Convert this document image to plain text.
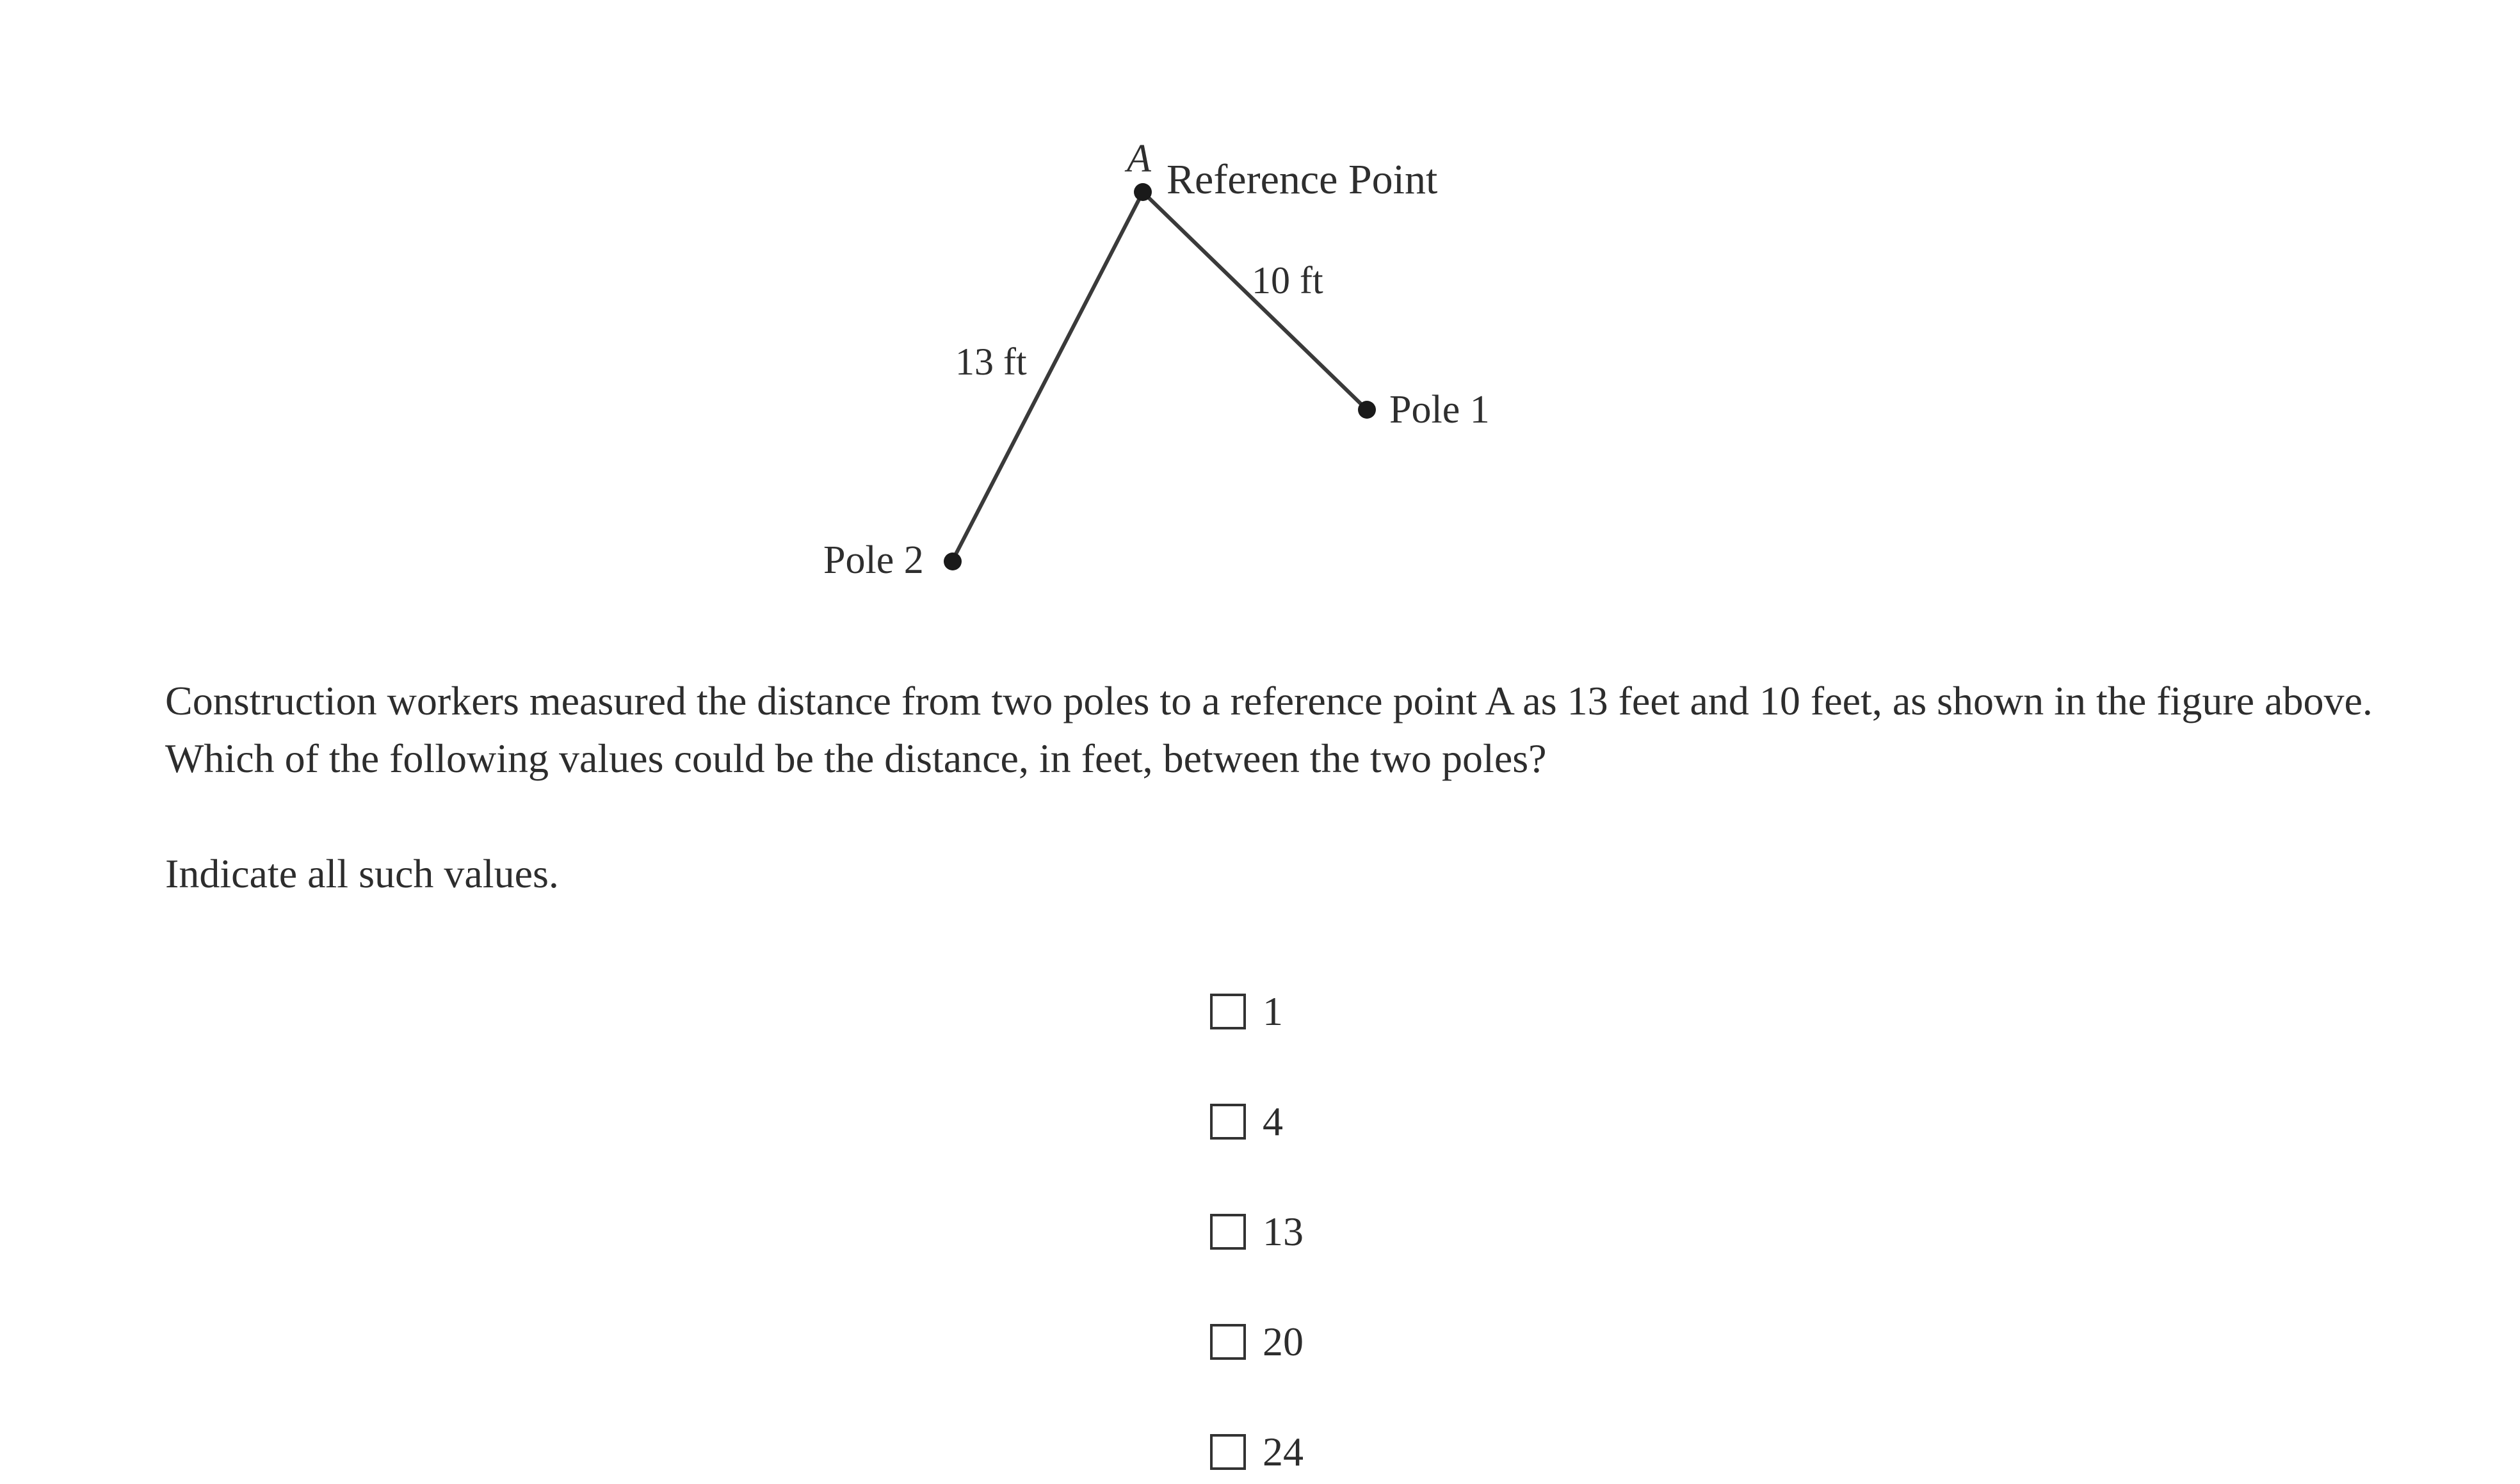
A Reference Point
10 ft
13 ft
Pole 1
Pole 2

Construction workers measured the distance from two poles to a reference point A as 13 feet and 10 feet, as shown in the figure above.

Which of the following values could be the distance, in feet, between the two poles?

Indicate all such values.
1
4
13
20
24
